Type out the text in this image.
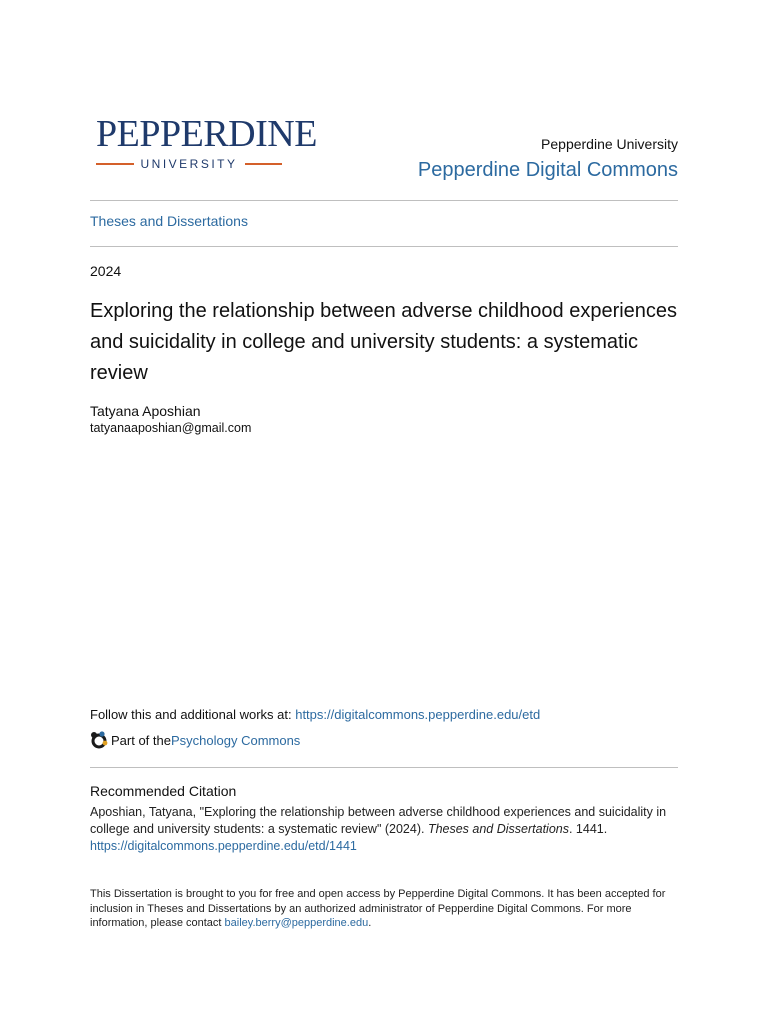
PEPPERDINE
UNIVERSITY
Pepperdine University
Pepperdine Digital Commons
Theses and Dissertations
2024
Exploring the relationship between adverse childhood experiences and suicidality in college and university students: a systematic review
Tatyana Aposhian
tatyanaaposhian@gmail.com
Follow this and additional works at: https://digitalcommons.pepperdine.edu/etd
Part of the Psychology Commons
Recommended Citation
Aposhian, Tatyana, "Exploring the relationship between adverse childhood experiences and suicidality in college and university students: a systematic review" (2024). Theses and Dissertations. 1441.
https://digitalcommons.pepperdine.edu/etd/1441
This Dissertation is brought to you for free and open access by Pepperdine Digital Commons. It has been accepted for inclusion in Theses and Dissertations by an authorized administrator of Pepperdine Digital Commons. For more information, please contact bailey.berry@pepperdine.edu.
